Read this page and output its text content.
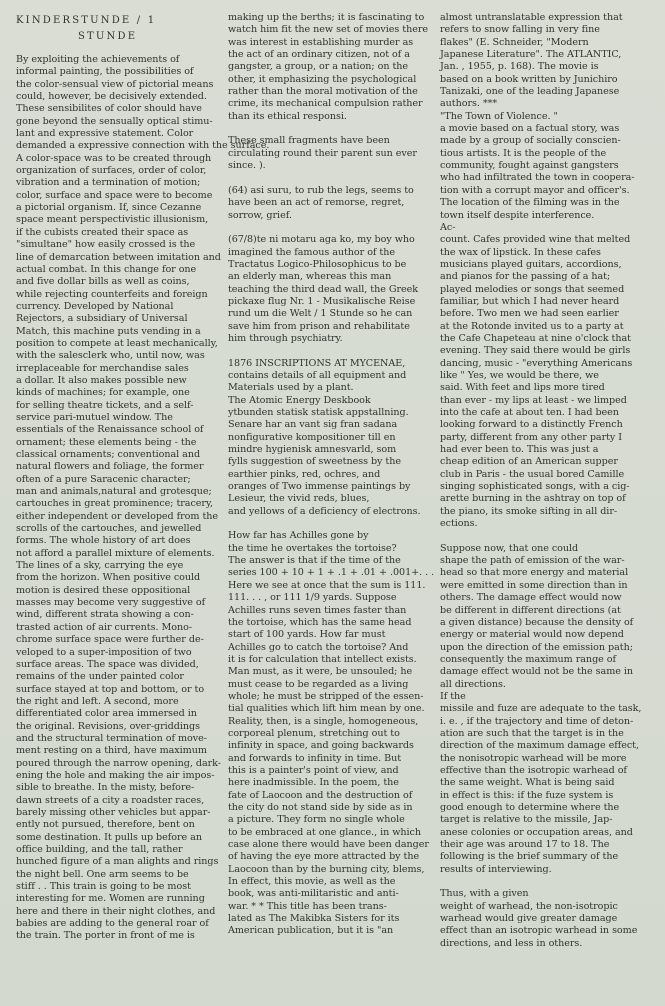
KINDERSTUNDE / 1
STUNDE
By exploiting the achievements of
informal painting, the possibilities of
the color-sensual view of pictorial means
could, however, be decisively extended.
These sensibilites of color should have
gone beyond the sensually optical stimu-
lant and expressive statement. Color
demanded a expressive connection with the surface.
A color-space was to be created through
organization of surfaces, order of color,
vibration and a termination of motion;
color, surface and space were to become
a pictorial organism. If, since Cezanne
space meant perspectivistic illusionism,
if the cubists created their space as
"simultane" how easily crossed is the
line of demarcation between imitation and
actual combat. In this change for one
and five dollar bills as well as coins,
while rejecting counterfeits and foreign
currency. Developed by National
Rejectors, a subsidiary of Universal
Match, this machine puts vending in a
position to compete at least mechanically,
with the salesclerk who, until now, was
irreplaceable for merchandise sales
a dollar. It also makes possible new
kinds of machines; for example, one
for selling theatre tickets, and a self-
service pari-mutuel window. The
essentials of the Renaissance school of
ornament; these elements being - the
classical ornaments; conventional and
natural flowers and foliage, the former
often of a pure Saracenic character;
man and animals,natural and grotesque;
cartouches in great prominence; tracery,
either independent or developed from the
scrolls of the cartouches, and jewelled
forms. The whole history of art does
not afford a parallel mixture of elements.
The lines of a sky, carrying the eye
from the horizon. When positive could
motion is desired these oppositional
masses may become very suggestive of
wind, different strata showing a con-
trasted action of air currents. Mono-
chrome surface space were further de-
veloped to a super-imposition of two
surface areas. The space was divided,
remains of the under painted color
surface stayed at top and bottom, or to
the right and left. A second, more
differentiated color area immersed in
the original. Revisions, over-griddings
and the structural termination of move-
ment resting on a third, have maximum
poured through the narrow opening, dark-
ening the hole and making the air impos-
sible to breathe. In the misty, before-
dawn streets of a city a roadster races,
barely missing other vehicles but appar-
ently not pursued, therefore, bent on
some destination. It pulls up before an
office building, and the tall, rather
hunched figure of a man alights and rings
the night bell. One arm seems to be
stiff . . This train is going to be most
interesting for me. Women are running
here and there in their night clothes, and
babies are adding to the general roar of
the train. The porter in front of me is
making up the berths; it is fascinating to
watch him fit the new set of movies there
was interest in establishing murder as
the act of an ordinary citizen, not of a
gangster, a group, or a nation; on the
other, it emphasizing the psychological
rather than the moral motivation of the
crime, its mechanical compulsion rather
than its ethical responsi.
These small fragments have been
circulating round their parent sun ever
since. ).
(64) asi suru, to rub the legs, seems to
have been an act of remorse, regret,
sorrow, grief.
(67/8)te ni motaru aga ko, my boy who
imagined the famous author of the
Tractatus Logico-Philosophicus to be
an elderly man, whereas this man
teaching the third dead wall, the Greek
pickaxe flug Nr. 1 - Musikalische Reise
rund um die Welt / 1 Stunde so he can
save him from prison and rehabilitate
him through psychiatry.
1876 INSCRIPTIONS AT MYCENAE,
contains details of all equipment and
Materials used by a plant.
The Atomic Energy Deskbook
ytbunden statisk statisk appstallning.
Senare har an vant sig fran sadana
nonfigurative kompositioner till en
mindre hygienisk amnesvarld, som
fylls suggestion of sweetness by the
earthier pinks, red, ochres, and
oranges of Two immense paintings by
Lesieur, the vivid reds, blues,
and yellows of a deficiency of electrons.
How far has Achilles gone by
the time he overtakes the tortoise?
The answer is that if the time of the
series 100 + 10 + 1 + .1 + .01 + .001+. . .
Here we see at once that the sum is 111.
111. . . , or 111 1/9 yards. Suppose
Achilles runs seven times faster than
the tortoise, which has the same head
start of 100 yards. How far must
Achilles go to catch the tortoise? And
it is for calculation that intellect exists.
Man must, as it were, be unsouled; he
must cease to be regarded as a living
whole; he must be stripped of the essen-
tial qualities which lift him mean by one.
Reality, then, is a single, homogeneous,
corporeal plenum, stretching out to
infinity in space, and going backwards
and forwards to infinity in time. But
this is a painter's point of view, and
here inadmissible. In the poem, the
fate of Laocoon and the destruction of
the city do not stand side by side as in
a picture. They form no single whole
to be embraced at one glance., in which
case alone there would have been danger
of having the eye more attracted by the
Laocoon than by the burning city, blems,
In effect, this movie, as well as the
book, was anti-militaristic and anti-
war. * * This title has been trans-
lated as The Makibka Sisters for its
American publication, but it is "an
almost untranslatable expression that
refers to snow falling in very fine
flakes" (E. Schneider, "Modern
Japanese Literature". The ATLANTIC,
Jan. , 1955, p. 168). The movie is
based on a book written by Junichiro
Tanizaki, one of the leading Japanese
authors. ***
"The Town of Violence. "
a movie based on a factual story, was
made by a group of socially conscien-
tious artists. It is the people of the
community, fought against gangsters
who had infiltrated the town in coopera-
tion with a corrupt mayor and officer's.
The location of the filming was in the
town itself despite interference.
Ac-
count. Cafes provided wine that melted
the wax of lipstick. In these cafes
musicians played guitars, accordions,
and pianos for the passing of a hat;
played melodies or songs that seemed
familiar, but which I had never heard
before. Two men we had seen earlier
at the Rotonde invited us to a party at
the Cafe Chapeteau at nine o'clock that
evening. They said there would be girls
dancing, music - "everything Americans
like " Yes, we would be there, we
said. With feet and lips more tired
than ever - my lips at least - we limped
into the cafe at about ten. I had been
looking forward to a distinctly French
party, different from any other party I
had ever been to. This was just a
cheap edition of an American supper
club in Paris - the usual bored Camille
singing sophisticated songs, with a cig-
arette burning in the ashtray on top of
the piano, its smoke sifting in all dir-
ections.
Suppose now, that one could
shape the path of emission of the war-
head so that more energy and material
were emitted in some direction than in
others. The damage effect would now
be different in different directions (at
a given distance) because the density of
energy or material would now depend
upon the direction of the emission path;
consequently the maximum range of
damage effect would not be the same in
all directions.
If the
missile and fuze are adequate to the task,
i. e. , if the trajectory and time of deton-
ation are such that the target is in the
direction of the maximum damage effect,
the nonisotropic warhead will be more
effective than the isotropic warhead of
the same weight. What is being said
in effect is this: if the fuze system is
good enough to determine where the
target is relative to the missile, Jap-
anese colonies or occupation areas, and
their age was around 17 to 18. The
following is the brief summary of the
results of interviewing.
Thus, with a given
weight of warhead, the non-isotropic
warhead would give greater damage
effect than an isotropic warhead in some
directions, and less in others.
